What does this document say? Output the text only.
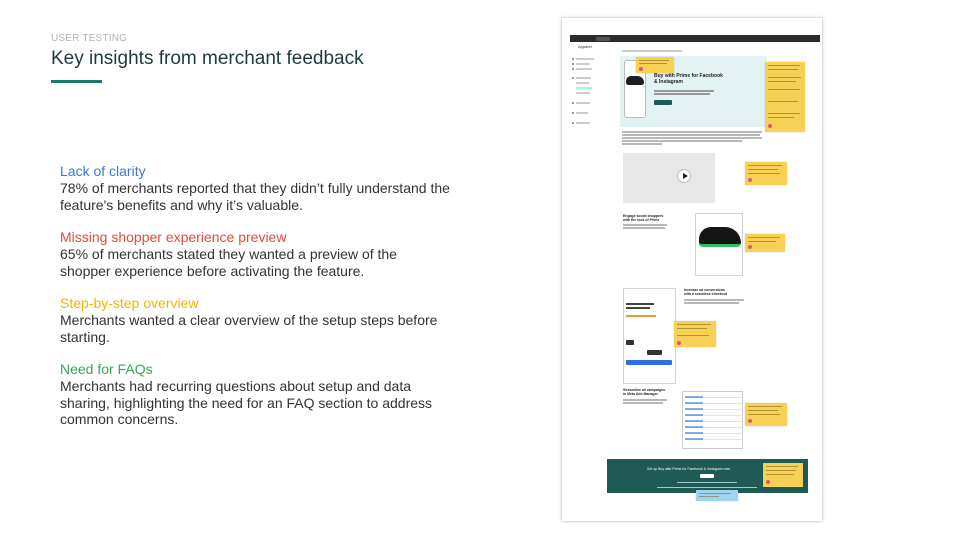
USER TESTING
Key insights from merchant feedback
Lack of clarity
78% of merchants reported that they didn’t fully understand the feature's benefits and why it’s valuable.
Missing shopper experience preview
65% of merchants stated they wanted a preview of the shopper experience before activating the feature.
Step-by-step overview
Merchants wanted a clear overview of the setup steps before starting.
Need for FAQs
Merchants had recurring questions about setup and data sharing, highlighting the need for an FAQ section to address common concerns.
Apparel
Buy with Prime for Facebook & Instagram
Engage social shoppers with the look of Prime
Increase ad conversions with a seamless checkout
Streamline all campaigns in Meta Ads Manager
Set up Buy with Prime for Facebook & Instagram now
